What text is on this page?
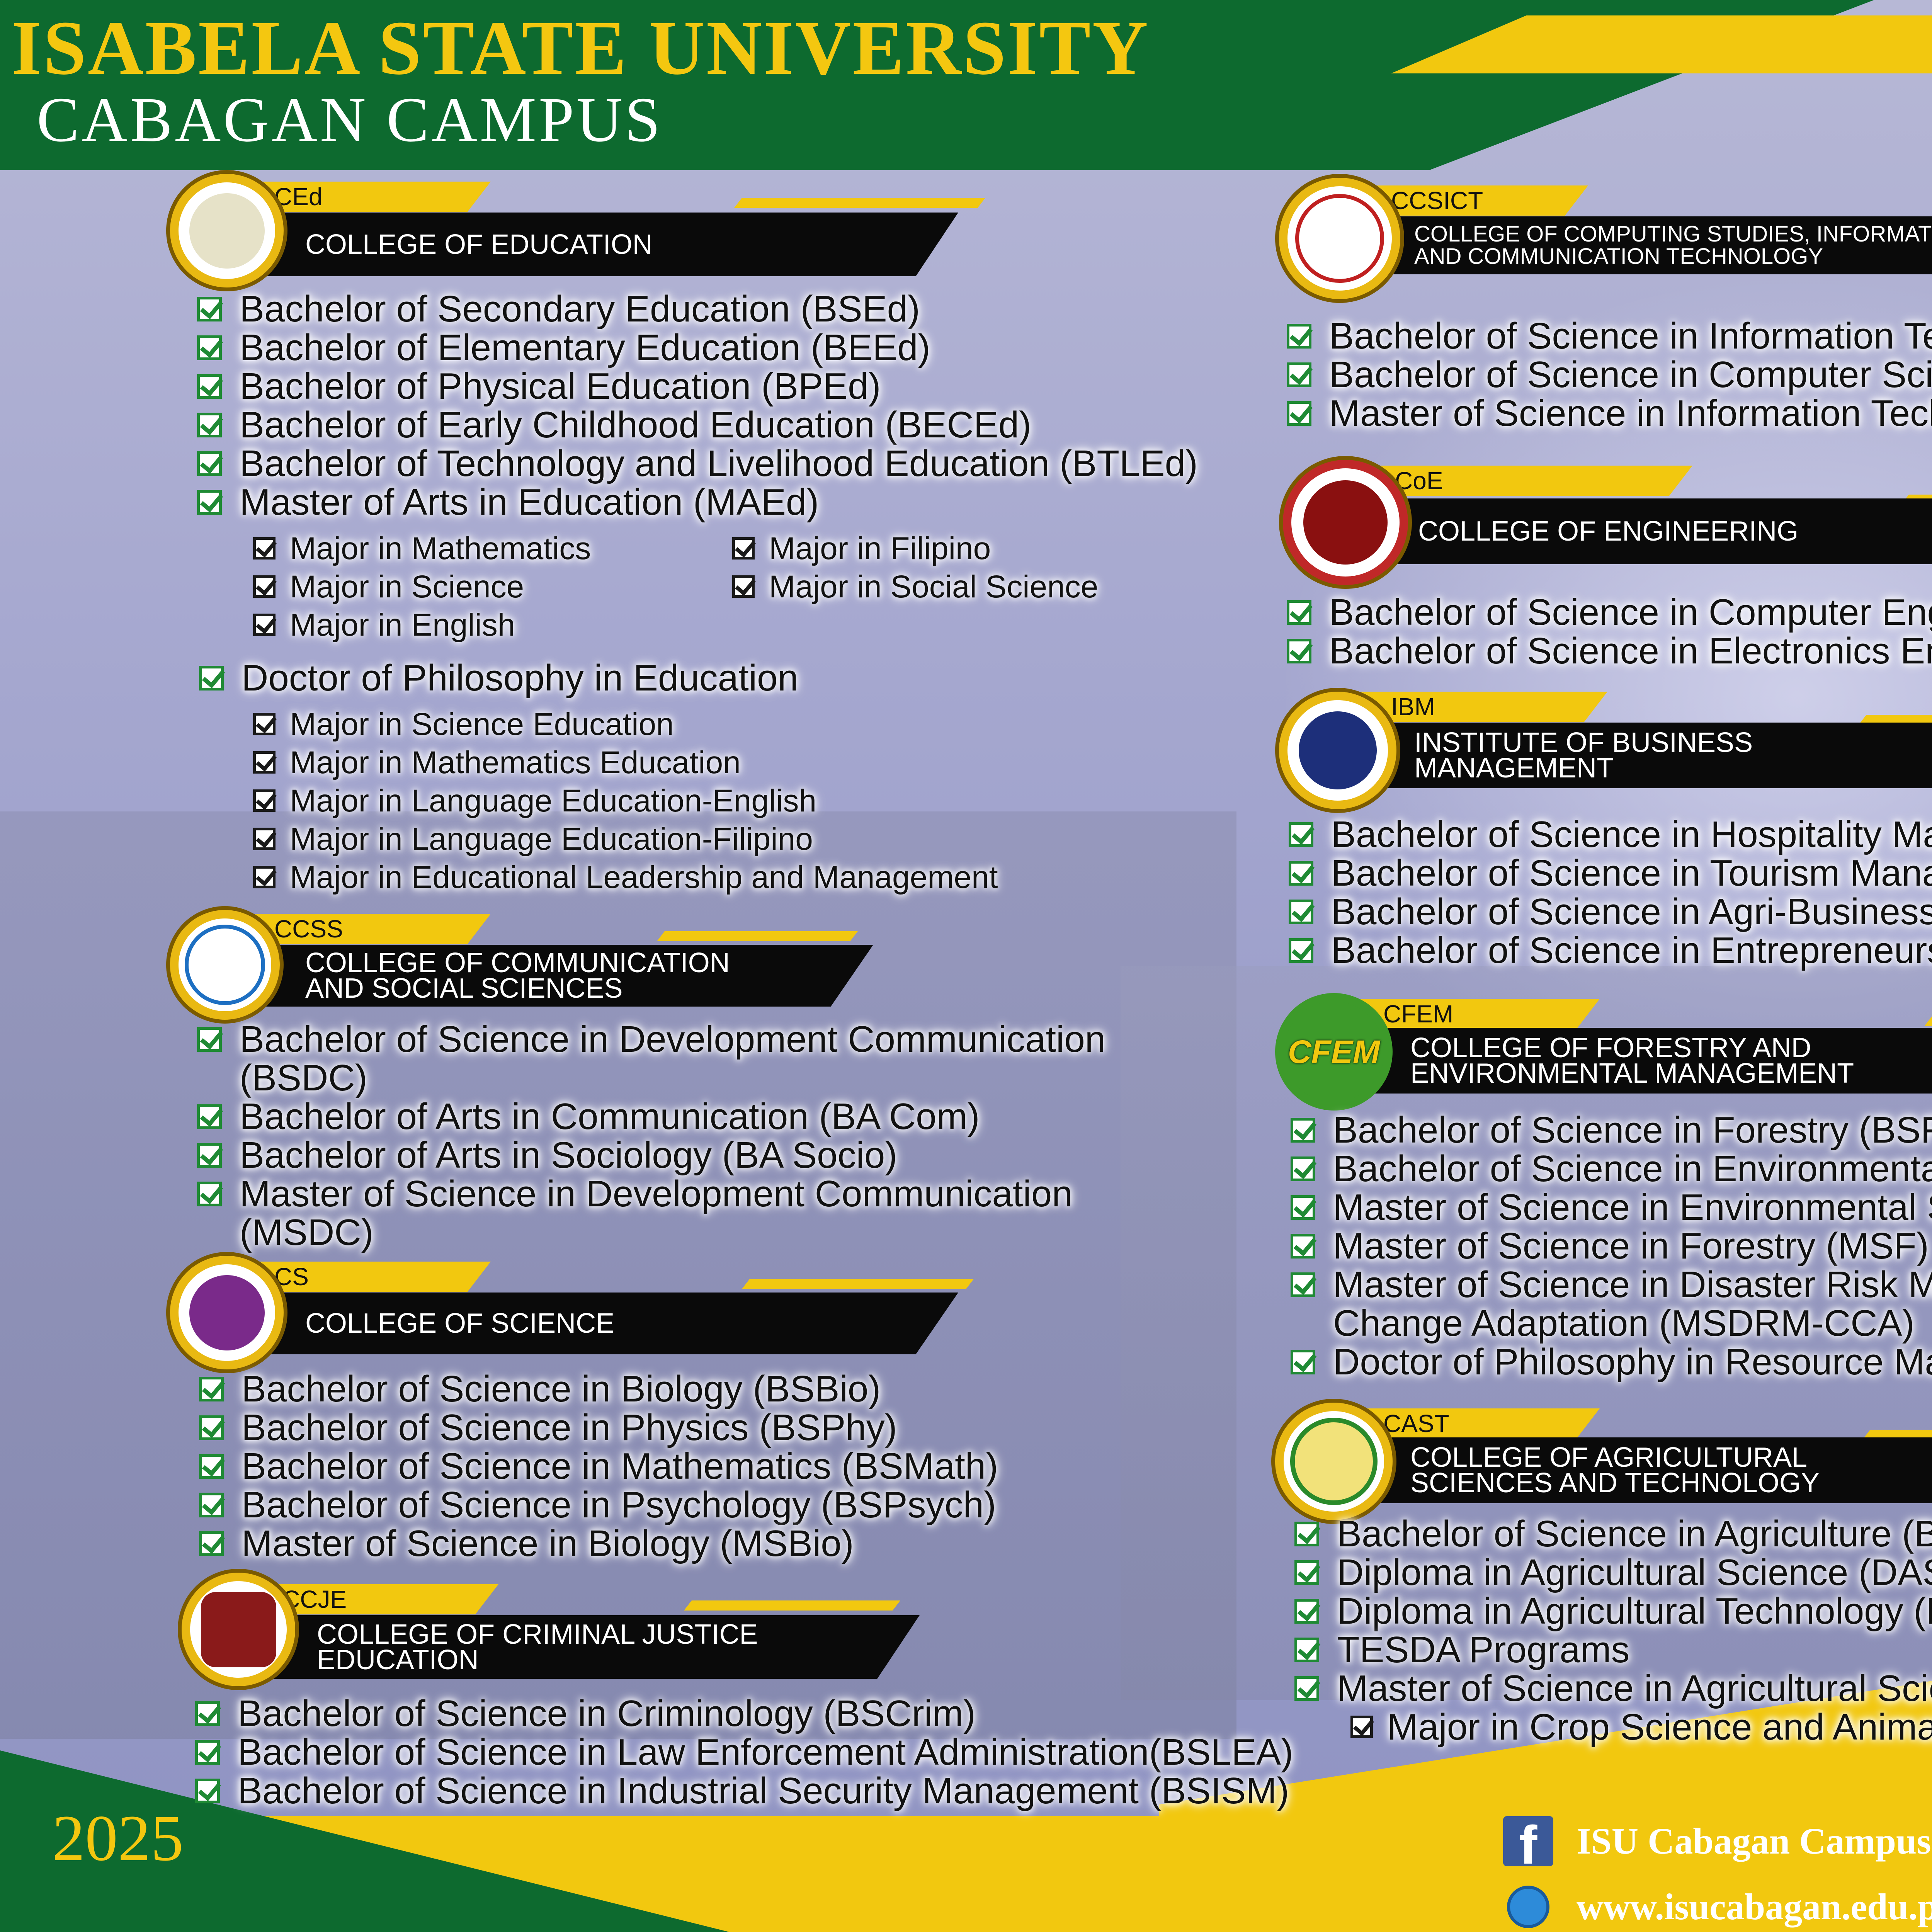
ISABELA STATE UNIVERSITY
CABAGAN CAMPUS
CEd
COLLEGE OF EDUCATION
Bachelor of Secondary Education (BSEd)
Bachelor of Elementary Education (BEEd)
Bachelor of Physical Education (BPEd)
Bachelor of Early Childhood Education (BECEd)
Bachelor of Technology and Livelihood Education (BTLEd)
Master of Arts in Education (MAEd)
Major in Mathematics
Major in Science
Major in English
Major in Filipino
Major in Social Science
Doctor of Philosophy in Education
Major in Science Education
Major in Mathematics Education
Major in Language Education-English
Major in Language Education-Filipino
Major in Educational Leadership and Management
CCSS
COLLEGE OF COMMUNICATION
AND SOCIAL SCIENCES
Bachelor of Science in Development Communication (BSDC)
Bachelor of Arts in Communication (BA Com)
Bachelor of Arts in Sociology (BA Socio)
Master of Science in Development Communication (MSDC)
CS
COLLEGE OF SCIENCE
Bachelor of Science in Biology (BSBio)
Bachelor of Science in Physics (BSPhy)
Bachelor of Science in Mathematics (BSMath)
Bachelor of Science in Psychology (BSPsych)
Master of Science in Biology (MSBio)
CCJE
COLLEGE OF CRIMINAL JUSTICE
EDUCATION
Bachelor of Science in Criminology (BSCrim)
Bachelor of Science in Law Enforcement Administration(BSLEA)
Bachelor of Science in Industrial Security Management (BSISM)
CCSICT
COLLEGE OF COMPUTING STUDIES, INFORMATION
AND COMMUNICATION TECHNOLOGY
Bachelor of Science in Information T
Bachelor of Science in Computer Sci
Master of Science in Information Tec
CoE
COLLEGE OF ENGINEERING
Bachelor of Science in Computer En
Bachelor of Science in Electronics E
IBM
INSTITUTE OF BUSINESS
MANAGEMENT
Bachelor of Science in Hospitality M
Bachelor of Science in Tourism Man
Bachelor of Science in Agri-Business
Bachelor of Science in Entrepreneur
CFEM
COLLEGE OF FORESTRY AND
ENVIRONMENTAL MANAGEMENT
CFEM
Bachelor of Science in Forestry (BSF)
Bachelor of Science in Environmental
Master of Science in Environmental
Master of Science in Forestry (MSF)
Master of Science in Disaster Risk M Change Adaptation (MSDRM-CCA)
Doctor of Philosophy in Resource M
CAST
COLLEGE OF AGRICULTURAL
SCIENCES AND TECHNOLOGY
Bachelor of Science in Agriculture (B
Diploma in Agricultural Science (DAS)
Diploma in Agricultural Technology (
TESDA Programs
Master of Science in Agricultural Sci
Major in Crop Science and Anima
2025	f	ISU Cabagan Campus
www.isucabagan.edu.ph
